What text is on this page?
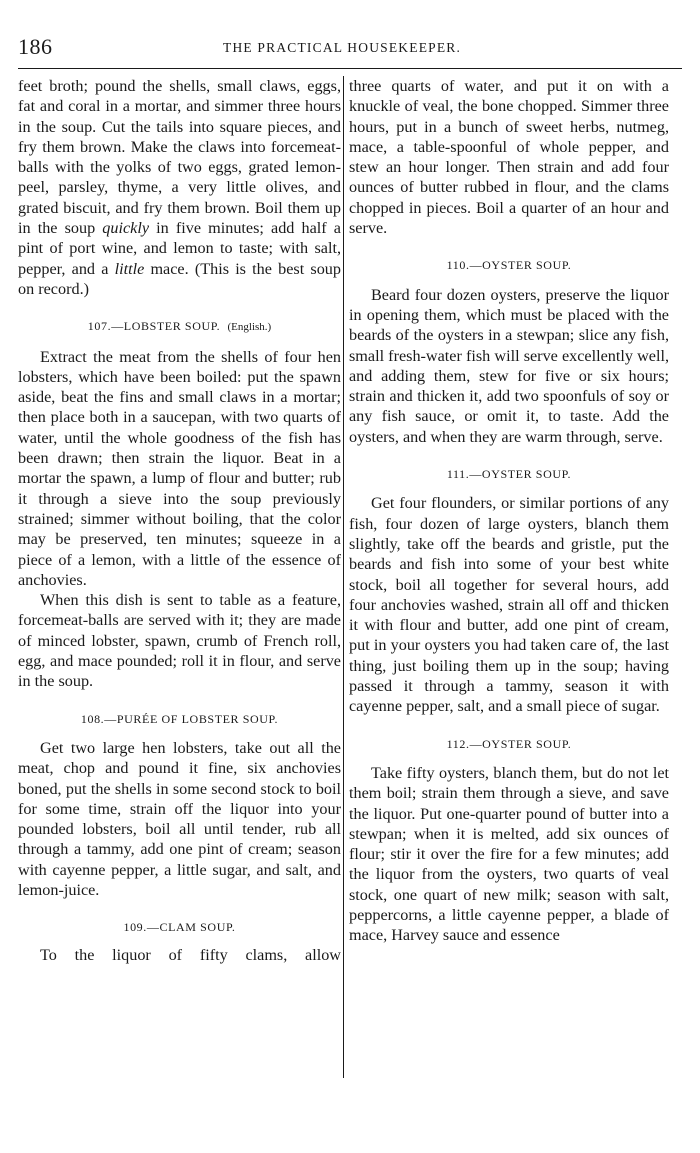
186	THE PRACTICAL HOUSEKEEPER.

feet broth; pound the shells, small claws, eggs, fat and coral in a mortar, and simmer three hours in the soup. Cut the tails into square pieces, and fry them brown. Make the claws into forcemeat-balls with the yolks of two eggs, grated lemon-peel, parsley, thyme, a very little olives, and grated biscuit, and fry them brown. Boil them up in the soup quickly in five minutes; add half a pint of port wine, and lemon to taste; with salt, pepper, and a little mace. (This is the best soup on record.)

107.—LOBSTER SOUP. (English.)

Extract the meat from the shells of four hen lobsters, which have been boiled: put the spawn aside, beat the fins and small claws in a mortar; then place both in a saucepan, with two quarts of water, until the whole goodness of the fish has been drawn; then strain the liquor. Beat in a mortar the spawn, a lump of flour and butter; rub it through a sieve into the soup previously strained; simmer without boiling, that the color may be preserved, ten minutes; squeeze in a piece of a lemon, with a little of the essence of anchovies.

When this dish is sent to table as a feature, forcemeat-balls are served with it; they are made of minced lobster, spawn, crumb of French roll, egg, and mace pounded; roll it in flour, and serve in the soup.

108.—PURÉE OF LOBSTER SOUP.

Get two large hen lobsters, take out all the meat, chop and pound it fine, six anchovies boned, put the shells in some second stock to boil for some time, strain off the liquor into your pounded lobsters, boil all until tender, rub all through a tammy, add one pint of cream; season with cayenne pepper, a little sugar, and salt, and lemon-juice.

109.—CLAM SOUP.

To the liquor of fifty clams, allow

three quarts of water, and put it on with a knuckle of veal, the bone chopped. Simmer three hours, put in a bunch of sweet herbs, nutmeg, mace, a table-spoonful of whole pepper, and stew an hour longer. Then strain and add four ounces of butter rubbed in flour, and the clams chopped in pieces. Boil a quarter of an hour and serve.

110.—OYSTER SOUP.

Beard four dozen oysters, preserve the liquor in opening them, which must be placed with the beards of the oysters in a stewpan; slice any fish, small fresh-water fish will serve excellently well, and adding them, stew for five or six hours; strain and thicken it, add two spoonfuls of soy or any fish sauce, or omit it, to taste. Add the oysters, and when they are warm through, serve.

111.—OYSTER SOUP.

Get four flounders, or similar portions of any fish, four dozen of large oysters, blanch them slightly, take off the beards and gristle, put the beards and fish into some of your best white stock, boil all together for several hours, add four anchovies washed, strain all off and thicken it with flour and butter, add one pint of cream, put in your oysters you had taken care of, the last thing, just boiling them up in the soup; having passed it through a tammy, season it with cayenne pepper, salt, and a small piece of sugar.

112.—OYSTER SOUP.

Take fifty oysters, blanch them, but do not let them boil; strain them through a sieve, and save the liquor. Put one-quarter pound of butter into a stewpan; when it is melted, add six ounces of flour; stir it over the fire for a few minutes; add the liquor from the oysters, two quarts of veal stock, one quart of new milk; season with salt, peppercorns, a little cayenne pepper, a blade of mace, Harvey sauce and essence
